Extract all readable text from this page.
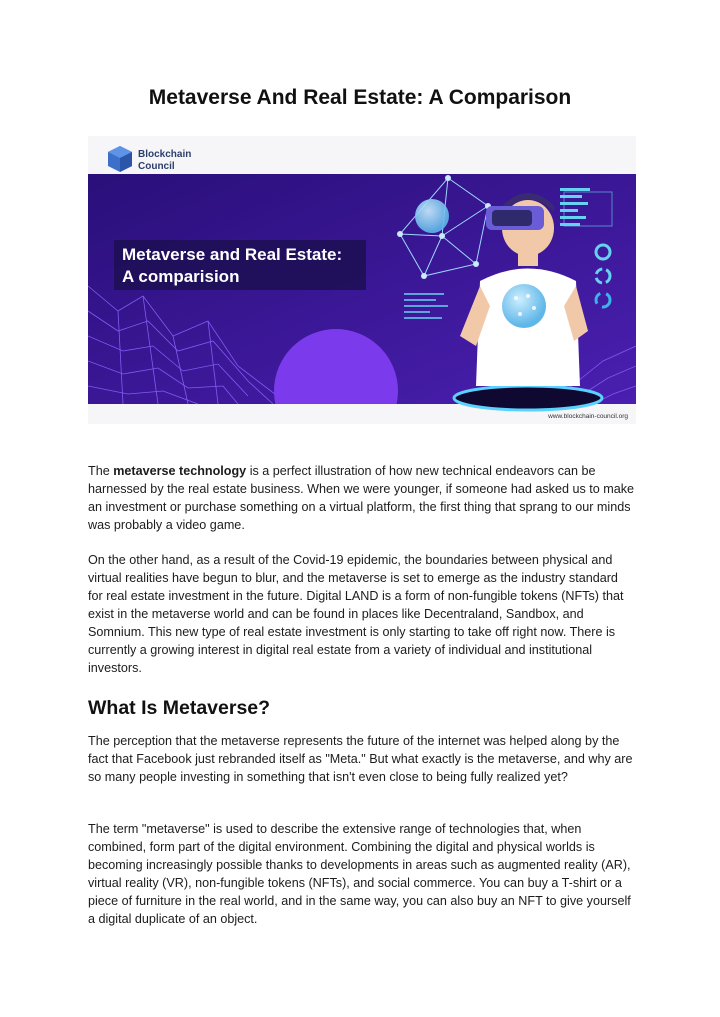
Metaverse And Real Estate: A Comparison
Blockchain
Council
Metaverse and Real Estate:
A comparision
www.blockchain-council.org

The metaverse technology is a perfect illustration of how new technical endeavors can be harnessed by the real estate business. When we were younger, if someone had asked us to make an investment or purchase something on a virtual platform, the first thing that sprang to our minds was probably a video game.

On the other hand, as a result of the Covid-19 epidemic, the boundaries between physical and virtual realities have begun to blur, and the metaverse is set to emerge as the industry standard for real estate investment in the future. Digital LAND is a form of non-fungible tokens (NFTs) that exist in the metaverse world and can be found in places like Decentraland, Sandbox, and Somnium. This new type of real estate investment is only starting to take off right now. There is currently a growing interest in digital real estate from a variety of individual and institutional investors.

What Is Metaverse?

The perception that the metaverse represents the future of the internet was helped along by the fact that Facebook just rebranded itself as "Meta." But what exactly is the metaverse, and why are so many people investing in something that isn't even close to being fully realized yet?

The term "metaverse" is used to describe the extensive range of technologies that, when combined, form part of the digital environment. Combining the digital and physical worlds is becoming increasingly possible thanks to developments in areas such as augmented reality (AR), virtual reality (VR), non-fungible tokens (NFTs), and social commerce. You can buy a T-shirt or a piece of furniture in the real world, and in the same way, you can also buy an NFT to give yourself a digital duplicate of an object.
